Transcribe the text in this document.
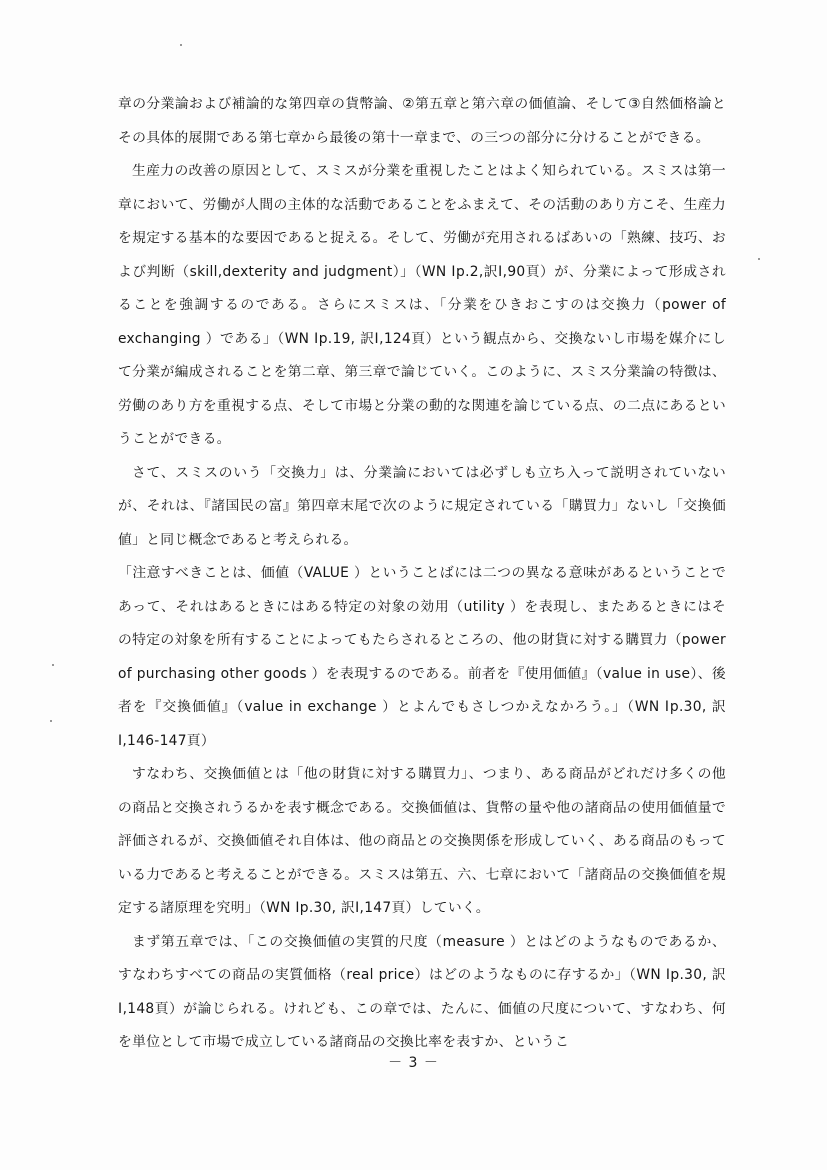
章の分業論および補論的な第四章の貨幣論、②第五章と第六章の価値論、そして③自然価格論とその具体的展開である第七章から最後の第十一章まで、の三つの部分に分けることができる。

生産力の改善の原因として、スミスが分業を重視したことはよく知られている。スミスは第一章において、労働が人間の主体的な活動であることをふまえて、その活動のあり方こそ、生産力を規定する基本的な要因であると捉える。そして、労働が充用されるばあいの「熟練、技巧、および判断（skill,dexterity and judgment）」（WN Ⅰp.2,訳Ⅰ,90頁）が、分業によって形成されることを強調するのである。さらにスミスは、「分業をひきおこすのは交換力（power of exchanging ）である」（WN Ⅰp.19, 訳Ⅰ,124頁）という観点から、交換ないし市場を媒介にして分業が編成されることを第二章、第三章で論じていく。このように、スミス分業論の特徴は、労働のあり方を重視する点、そして市場と分業の動的な関連を論じている点、の二点にあるということができる。

さて、スミスのいう「交換力」は、分業論においては必ずしも立ち入って説明されていないが、それは、『諸国民の富』第四章末尾で次のように規定されている「購買力」ないし「交換価値」と同じ概念であると考えられる。

「注意すべきことは、価値（VALUE ）ということばには二つの異なる意味があるということであって、それはあるときにはある特定の対象の効用（utility ）を表現し、またあるときにはその特定の対象を所有することによってもたらされるところの、他の財貨に対する購買力（power of purchasing other goods ）を表現するのである。前者を『使用価値』（value in use）、後者を『交換価値』（value in exchange ）とよんでもさしつかえなかろう。」（WN Ⅰp.30, 訳Ⅰ,146-147頁）

すなわち、交換価値とは「他の財貨に対する購買力」、つまり、ある商品がどれだけ多くの他の商品と交換されうるかを表す概念である。交換価値は、貨幣の量や他の諸商品の使用価値量で評価されるが、交換価値それ自体は、他の商品との交換関係を形成していく、ある商品のもっている力であると考えることができる。スミスは第五、六、七章において「諸商品の交換価値を規定する諸原理を究明」（WN Ⅰp.30, 訳Ⅰ,147頁）していく。

まず第五章では、「この交換価値の実質的尺度（measure ）とはどのようなものであるか、すなわちすべての商品の実質価格（real price）はどのようなものに存するか」（WN Ⅰp.30, 訳Ⅰ,148頁）が論じられる。けれども、この章では、たんに、価値の尺度について、すなわち、何を単位として市場で成立している諸商品の交換比率を表すか、というこ

－ 3 －
